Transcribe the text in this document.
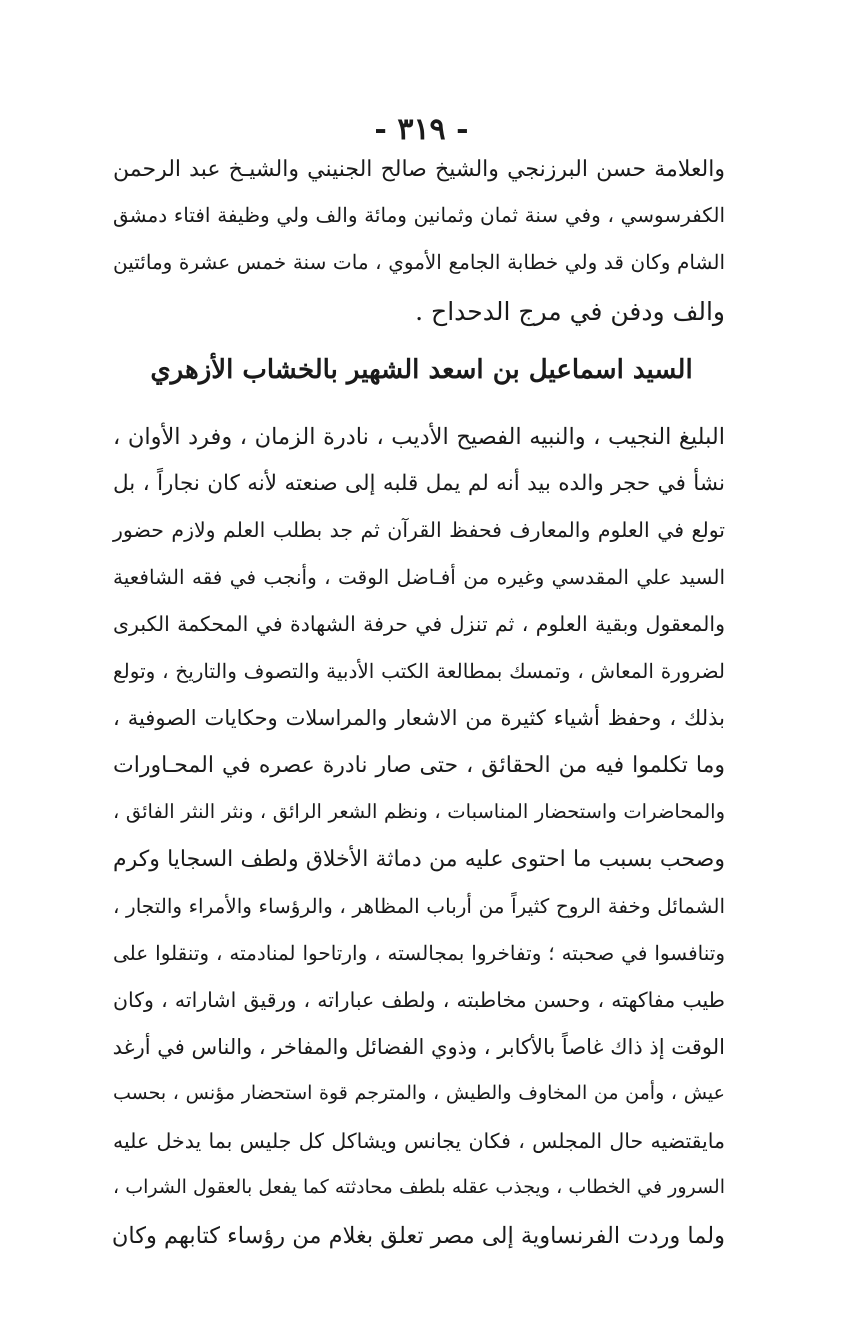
- ٣١٩ -
والعلامة حسن البرزنجي والشيخ صالح الجنيني والشيـخ عبد الرحمن
الكفرسوسي ، وفي سنة ثمان وثمانين ومائة والف ولي وظيفة افتاء دمشق
الشام وكان قد ولي خطابة الجامع الأموي ، مات سنة خمس عشرة ومائتين
والف ودفن في مرج الدحداح .
السيد اسماعيل بن اسعد الشهير بالخشاب الأزهري
البليغ النجيب ، والنبيه الفصيح الأديب ، نادرة الزمان ، وفرد الأوان ،
نشأ في حجر والده بيد أنه لم يمل قلبه إلى صنعته لأنه كان نجاراً ، بل
تولع في العلوم والمعارف فحفظ القرآن ثم جد بطلب العلم ولازم حضور
السيد علي المقدسي وغيره من أفـاضل الوقت ، وأنجب في فقه الشافعية
والمعقول وبقية العلوم ، ثم تنزل في حرفة الشهادة في المحكمة الكبرى
لضرورة المعاش ، وتمسك بمطالعة الكتب الأدبية والتصوف والتاريخ ، وتولع
بذلك ، وحفظ أشياء كثيرة من الاشعار والمراسلات وحكايات الصوفية ،
وما تكلموا فيه من الحقائق ، حتى صار نادرة عصره في المحـاورات
والمحاضرات واستحضار المناسبات ، ونظم الشعر الرائق ، ونثر النثر الفائق ،
وصحب بسبب ما احتوى عليه من دماثة الأخلاق ولطف السجايا وكرم
الشمائل وخفة الروح كثيراً من أرباب المظاهر ، والرؤساء والأمراء والتجار ،
وتنافسوا في صحبته ؛ وتفاخروا بمجالسته ، وارتاحوا لمنادمته ، وتنقلوا على
طيب مفاكهته ، وحسن مخاطبته ، ولطف عباراته ، ورقيق اشاراته ، وكان
الوقت إذ ذاك غاصاً بالأكابر ، وذوي الفضائل والمفاخر ، والناس في أرغد
عيش ، وأمن من المخاوف والطيش ، والمترجم قوة استحضار مؤنس ، بحسب
مايقتضيه حال المجلس ، فكان يجانس ويشاكل كل جليس بما يدخل عليه
السرور في الخطاب ، ويجذب عقله بلطف محادثته كما يفعل بالعقول الشراب ،
ولما وردت الفرنساوية إلى مصر تعلق بغلام من رؤساء كتابهم وكان
